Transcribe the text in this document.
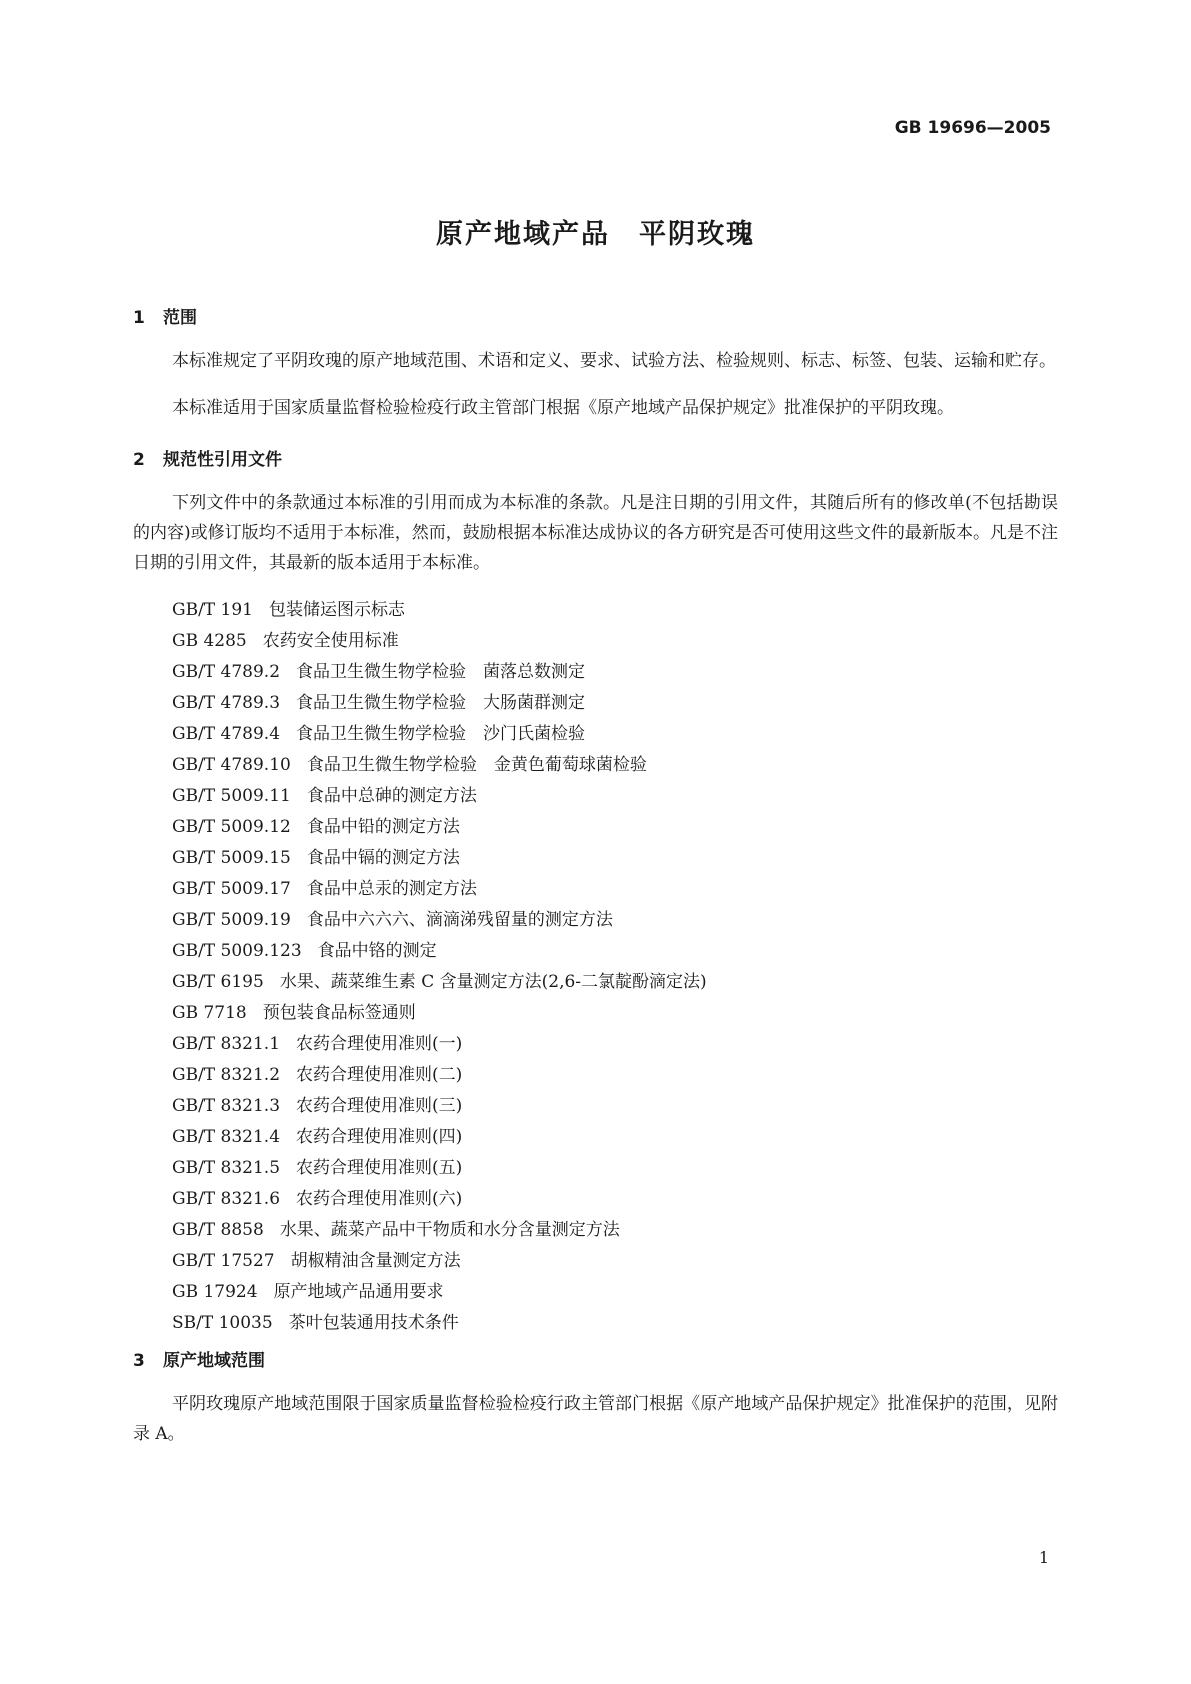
GB 19696—2005
原产地域产品　平阴玫瑰
1 范围

本标准规定了平阴玫瑰的原产地域范围、术语和定义、要求、试验方法、检验规则、标志、标签、包装、运输和贮存。

本标准适用于国家质量监督检验检疫行政主管部门根据《原产地域产品保护规定》批准保护的平阴玫瑰。

2 规范性引用文件

下列文件中的条款通过本标准的引用而成为本标准的条款。凡是注日期的引用文件，其随后所有的修改单(不包括勘误的内容)或修订版均不适用于本标准，然而，鼓励根据本标准达成协议的各方研究是否可使用这些文件的最新版本。凡是不注日期的引用文件，其最新的版本适用于本标准。

GB/T 191 包装储运图示标志
GB 4285 农药安全使用标准
GB/T 4789.2 食品卫生微生物学检验　菌落总数测定
GB/T 4789.3 食品卫生微生物学检验　大肠菌群测定
GB/T 4789.4 食品卫生微生物学检验　沙门氏菌检验
GB/T 4789.10 食品卫生微生物学检验　金黄色葡萄球菌检验
GB/T 5009.11 食品中总砷的测定方法
GB/T 5009.12 食品中铅的测定方法
GB/T 5009.15 食品中镉的测定方法
GB/T 5009.17 食品中总汞的测定方法
GB/T 5009.19 食品中六六六、滴滴涕残留量的测定方法
GB/T 5009.123 食品中铬的测定
GB/T 6195 水果、蔬菜维生素 C 含量测定方法(2,6-二氯靛酚滴定法)
GB 7718 预包装食品标签通则
GB/T 8321.1 农药合理使用准则(一)
GB/T 8321.2 农药合理使用准则(二)
GB/T 8321.3 农药合理使用准则(三)
GB/T 8321.4 农药合理使用准则(四)
GB/T 8321.5 农药合理使用准则(五)
GB/T 8321.6 农药合理使用准则(六)
GB/T 8858 水果、蔬菜产品中干物质和水分含量测定方法
GB/T 17527 胡椒精油含量测定方法
GB 17924 原产地域产品通用要求
SB/T 10035 茶叶包装通用技术条件
3 原产地域范围

平阴玫瑰原产地域范围限于国家质量监督检验检疫行政主管部门根据《原产地域产品保护规定》批准保护的范围，见附录 A。

1
